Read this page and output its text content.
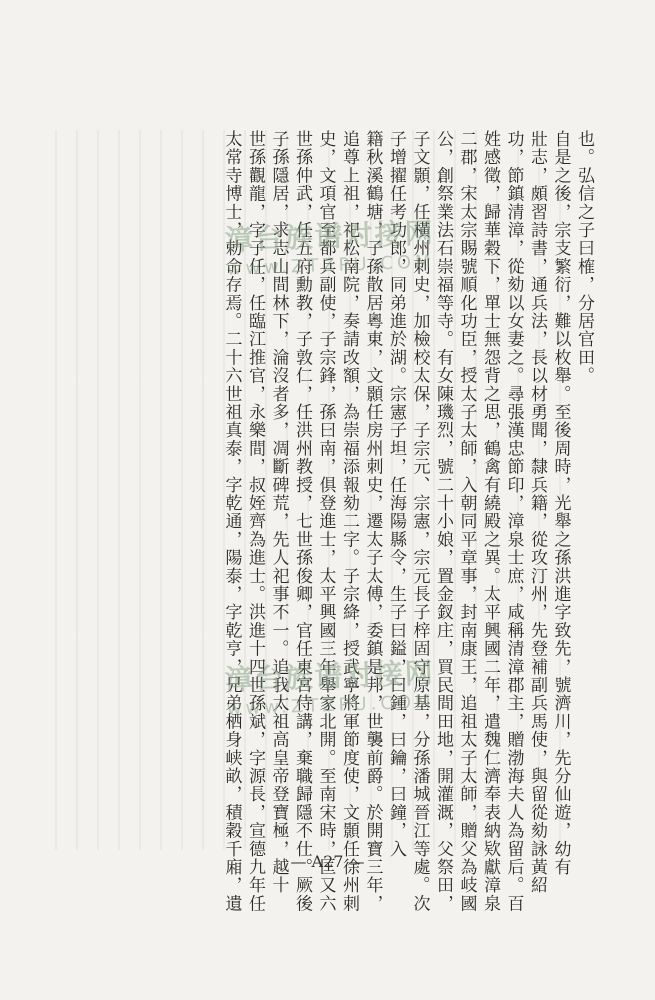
也。弘信之子曰榷，分居官田。

自是之後，宗支繁衍，難以枚舉。至後周時，光舉之孫洪進字致先，號濟川，先分仙遊，幼有

壯志，頗習詩書，通兵法，長以材勇聞，隸兵籍，從攻汀州，先登補副兵馬使，與留從劾詠黃紹

功，節鎮清漳，從劾以女妻之。尋張漢忠節印，漳泉士庶，咸稱清漳郡主，贈渤海夫人為留后。百

姓感徵，歸華穀下，單士無怨背之思，鶴禽有繞殿之異。太平興國二年，遣魏仁濟奉表納欵獻漳泉

二郡，宋太宗賜號順化功臣，授太子太師，入朝同平章事，封南康王，追祖太子太師，贈父為岐國

公，創祭業法石崇福等寺。有女陳璣烈，號二十小娘，置金釵庄，買民間田地，開灌溉，父祭田，

子文顥，任橫州刺史，加檢校太保，子宗元、宗憲，宗元長子梓固守原基，分孫潘城晉江等處。次

子增擢任考功郎，同弟進於湖。宗憲子坦，任海陽縣令，生子曰鎰，曰鍾，曰鑰，曰鐘，入

籍秋溪鶴塘，子孫散居粵東，文顥任房州刺史，遷太子太傅，委鎮是邦，世襲前爵。於開寶三年，

追尊上祖，祀松南院，奏請改額，為崇福添報劾二字。子宗絳，授武寧將軍節度使，文顥任徐州刺

史，文項官至都兵副使，子宗鋒，孫曰南，俱登進士，太平興國三年舉家北開。至南宋時，匡又六

世孫仲武，任五府勳教，子敦仁，任洪州教授，七世孫俊卿，官任東宮侍講，棄職歸隱不仕。厥後

子孫隱居，求志山間林下，淪沒者多，凋斷碑荒，先人祀事不一。追我太祖高皇帝登寶極，越十

世孫觀龍，字子任，任臨江推官，永樂間，叔姪齊為進士。洪進十四世孫斌，字源長，宣德九年任

太常寺博士，勅命存焉。二十六世祖真泰，字乾通，陽泰，字乾亨，兄弟栖身峡畝，積穀千廂，遺

漳台族谱对接网
www.ZTZPU.COM
漳台族谱对接网
www.ZTZPU.COM
— A27 —
